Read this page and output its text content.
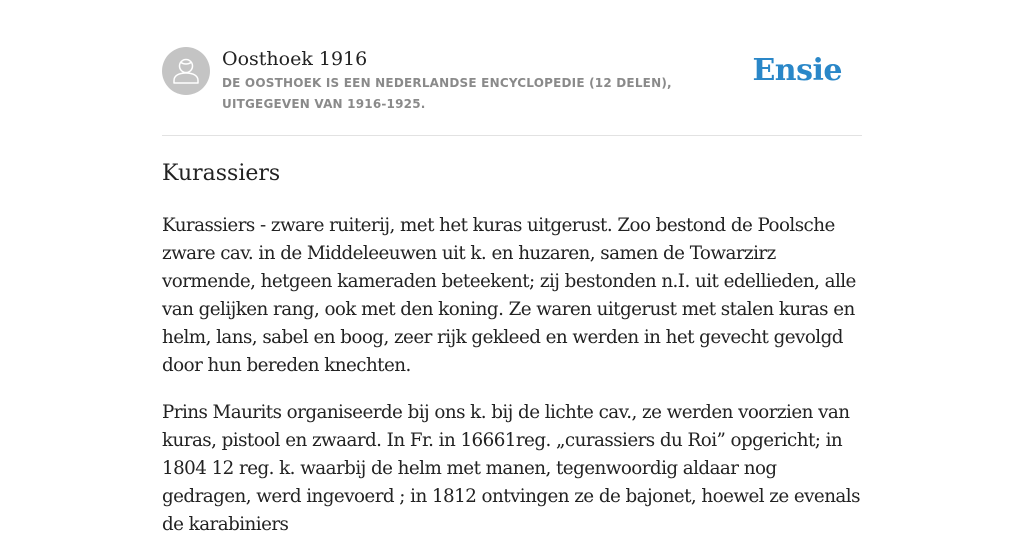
Oosthoek 1916
DE OOSTHOEK IS EEN NEDERLANDSE ENCYCLOPEDIE (12 DELEN), UITGEGEVEN VAN 1916-1925.
Ensie
Kurassiers

Kurassiers - zware ruiterij, met het kuras uitgerust. Zoo bestond de Poolsche zware cav. in de Middeleeuwen uit k. en huzaren, samen de Towarzirz vormende, hetgeen kameraden beteekent; zij bestonden n.I. uit edellieden, alle van gelijken rang, ook met den koning. Ze waren uitgerust met stalen kuras en helm, lans, sabel en boog, zeer rijk gekleed en werden in het gevecht gevolgd door hun bereden knechten.

Prins Maurits organiseerde bij ons k. bij de lichte cav., ze werden voorzien van kuras, pistool en zwaard. In Fr. in 16661reg. „curassiers du Roi” opgericht; in 1804 12 reg. k. waarbij de helm met manen, tegenwoordig aldaar nog gedragen, werd ingevoerd ; in 1812 ontvingen ze de bajonet, hoewel ze evenals de karabiniers
